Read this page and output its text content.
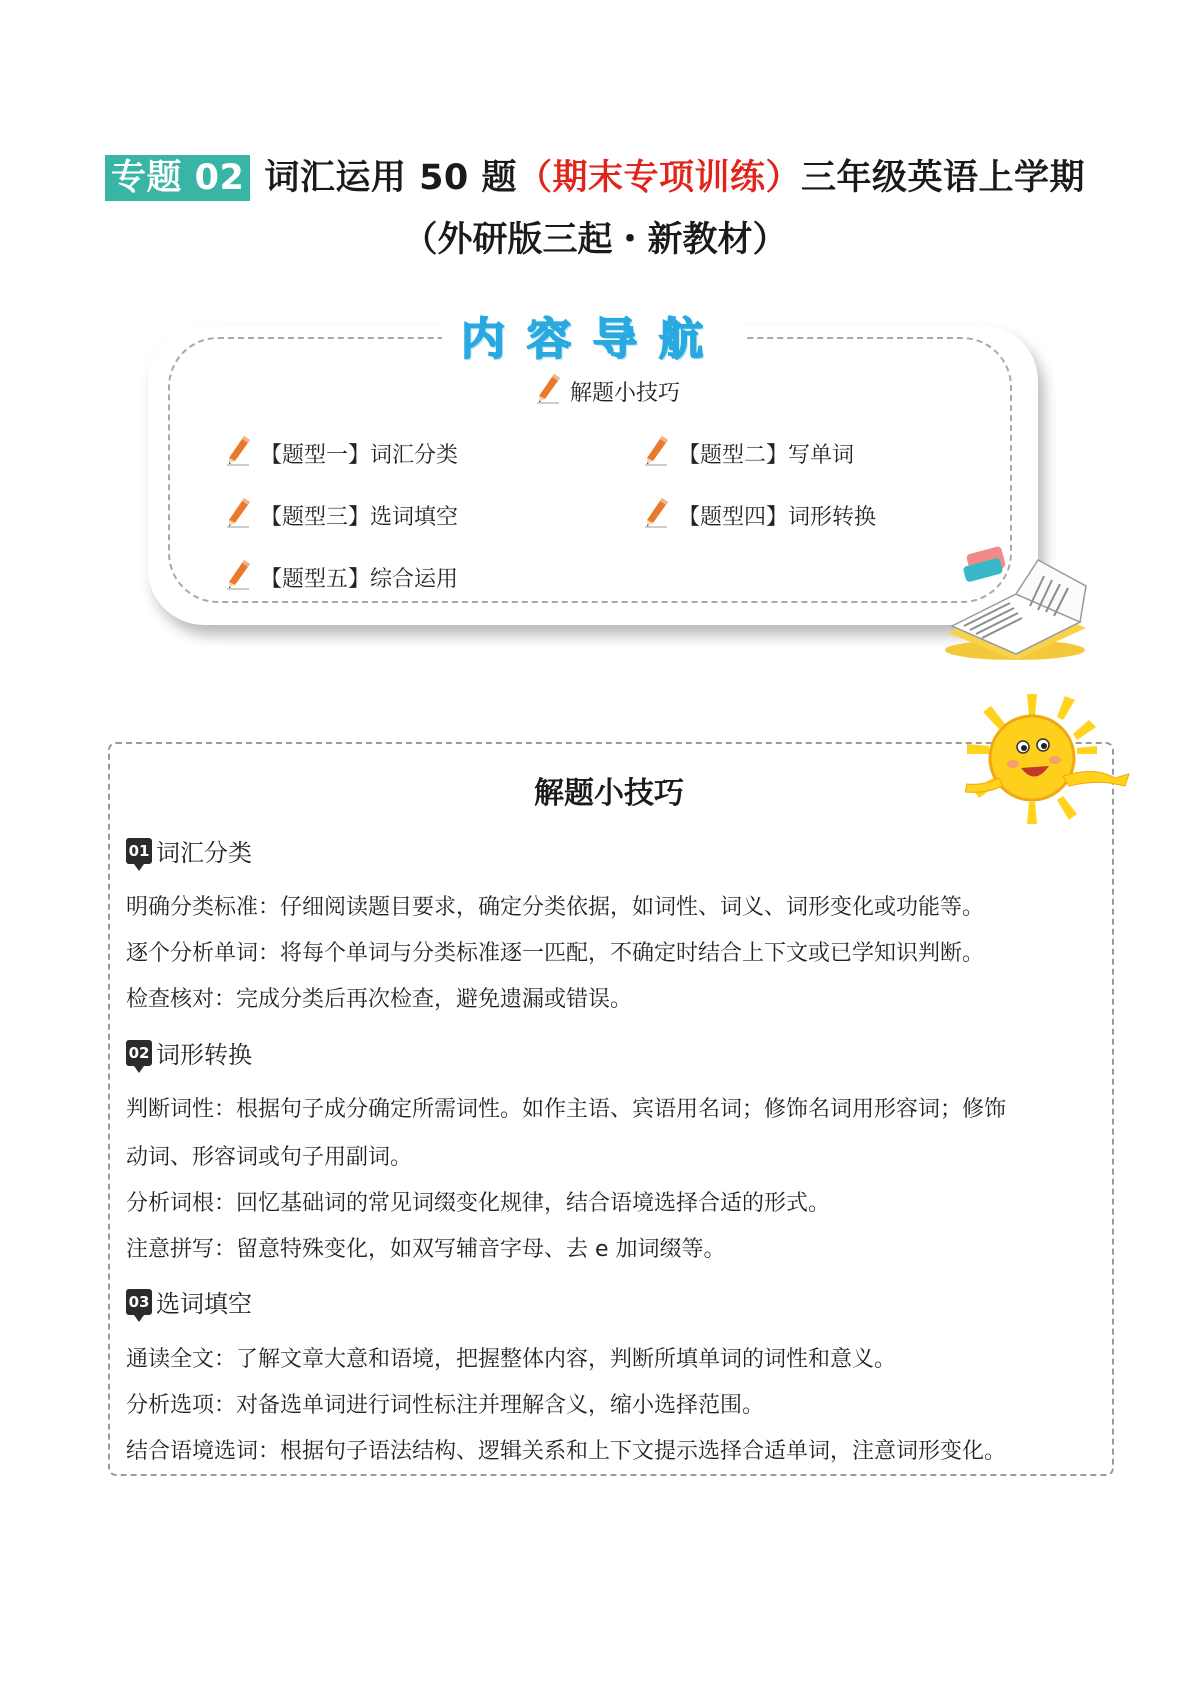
专题 02 词汇运用 50 题（期末专项训练）三年级英语上学期
（外研版三起・新教材）
内容导航
解题小技巧
【题型一】词汇分类	【题型二】写单词
【题型三】选词填空	【题型四】词形转换
【题型五】综合运用
解题小技巧
01 词汇分类
明确分类标准：仔细阅读题目要求，确定分类依据，如词性、词义、词形变化或功能等。
逐个分析单词：将每个单词与分类标准逐一匹配，不确定时结合上下文或已学知识判断。
检查核对：完成分类后再次检查，避免遗漏或错误。
02 词形转换
判断词性：根据句子成分确定所需词性。如作主语、宾语用名词；修饰名词用形容词；修饰
动词、形容词或句子用副词。
分析词根：回忆基础词的常见词缀变化规律，结合语境选择合适的形式。
注意拼写：留意特殊变化，如双写辅音字母、去 e 加词缀等。
03 选词填空
通读全文：了解文章大意和语境，把握整体内容，判断所填单词的词性和意义。
分析选项：对备选单词进行词性标注并理解含义，缩小选择范围。
结合语境选词：根据句子语法结构、逻辑关系和上下文提示选择合适单词，注意词形变化。
